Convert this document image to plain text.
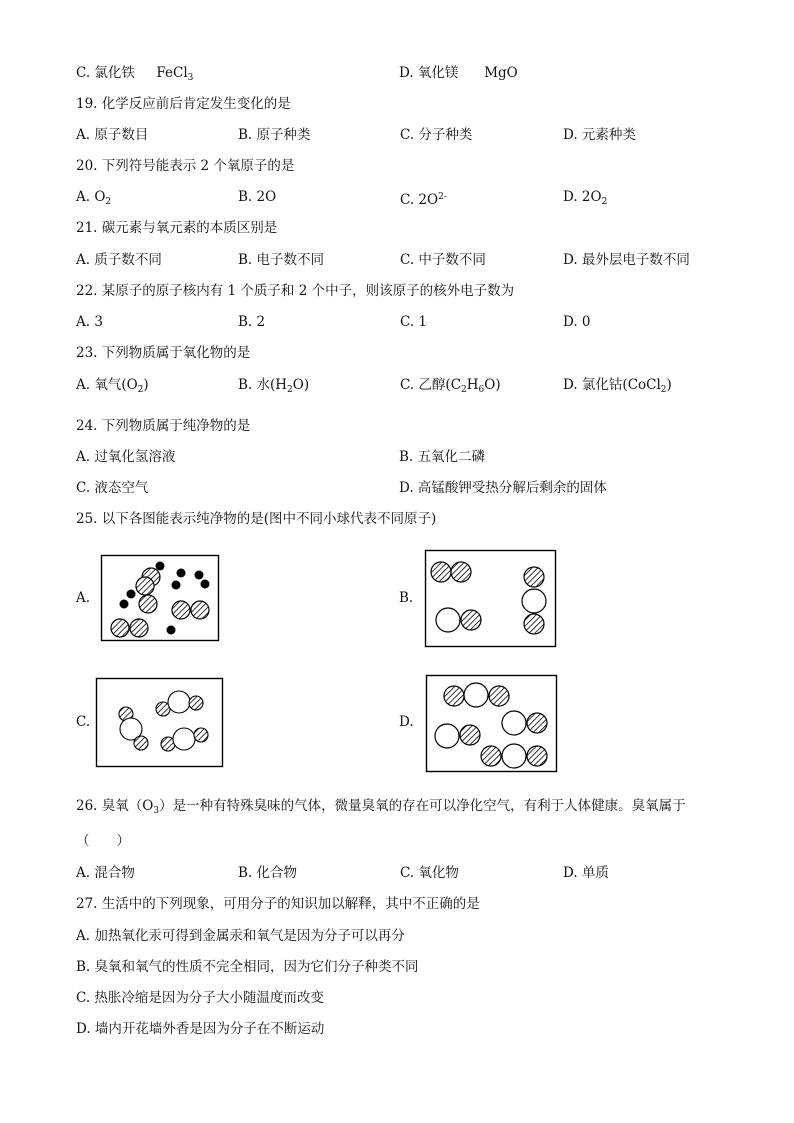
C. 氯化铁 FeCl$_3$	D. 氧化镁 MgO
19. 化学反应前后肯定发生变化的是
A. 原子数目	B. 原子种类	C. 分子种类	D. 元素种类
20. 下列符号能表示 2 个氧原子的是
A. $O_2$	B. 2O	C. $2O^{2-}$	D. $2O_2$
21. 碳元素与氧元素的本质区别是
A. 质子数不同	B. 电子数不同	C. 中子数不同	D. 最外层电子数不同
22. 某原子的原子核内有 1 个质子和 2 个中子，则该原子的核外电子数为
A. 3	B. 2	C. 1	D. 0
23. 下列物质属于氧化物的是
A. 氧气$(O_2)$	B. 水$(H_2O)$	C. 乙醇$(C_2H_6O)$	D. 氯化钴(CoCl$_2$)
24. 下列物质属于纯净物的是
A. 过氧化氢溶液	B. 五氧化二磷
C. 液态空气	D. 高锰酸钾受热分解后剩余的固体
25. 以下各图能表示纯净物的是(图中不同小球代表不同原子)
A.	B.
C.	D.
26. 臭氧$(O_3)$是一种有特殊臭味的气体，微量臭氧的存在可以净化空气，有利于人体健康。臭氧属于
（　　）
A. 混合物	B. 化合物	C. 氧化物	D. 单质
27. 生活中的下列现象，可用分子的知识加以解释，其中不正确的是
A. 加热氧化汞可得到金属汞和氧气是因为分子可以再分
B. 臭氧和氧气的性质不完全相同，因为它们分子种类不同
C. 热胀冷缩是因为分子大小随温度而改变
D. 墙内开花墙外香是因为分子在不断运动
